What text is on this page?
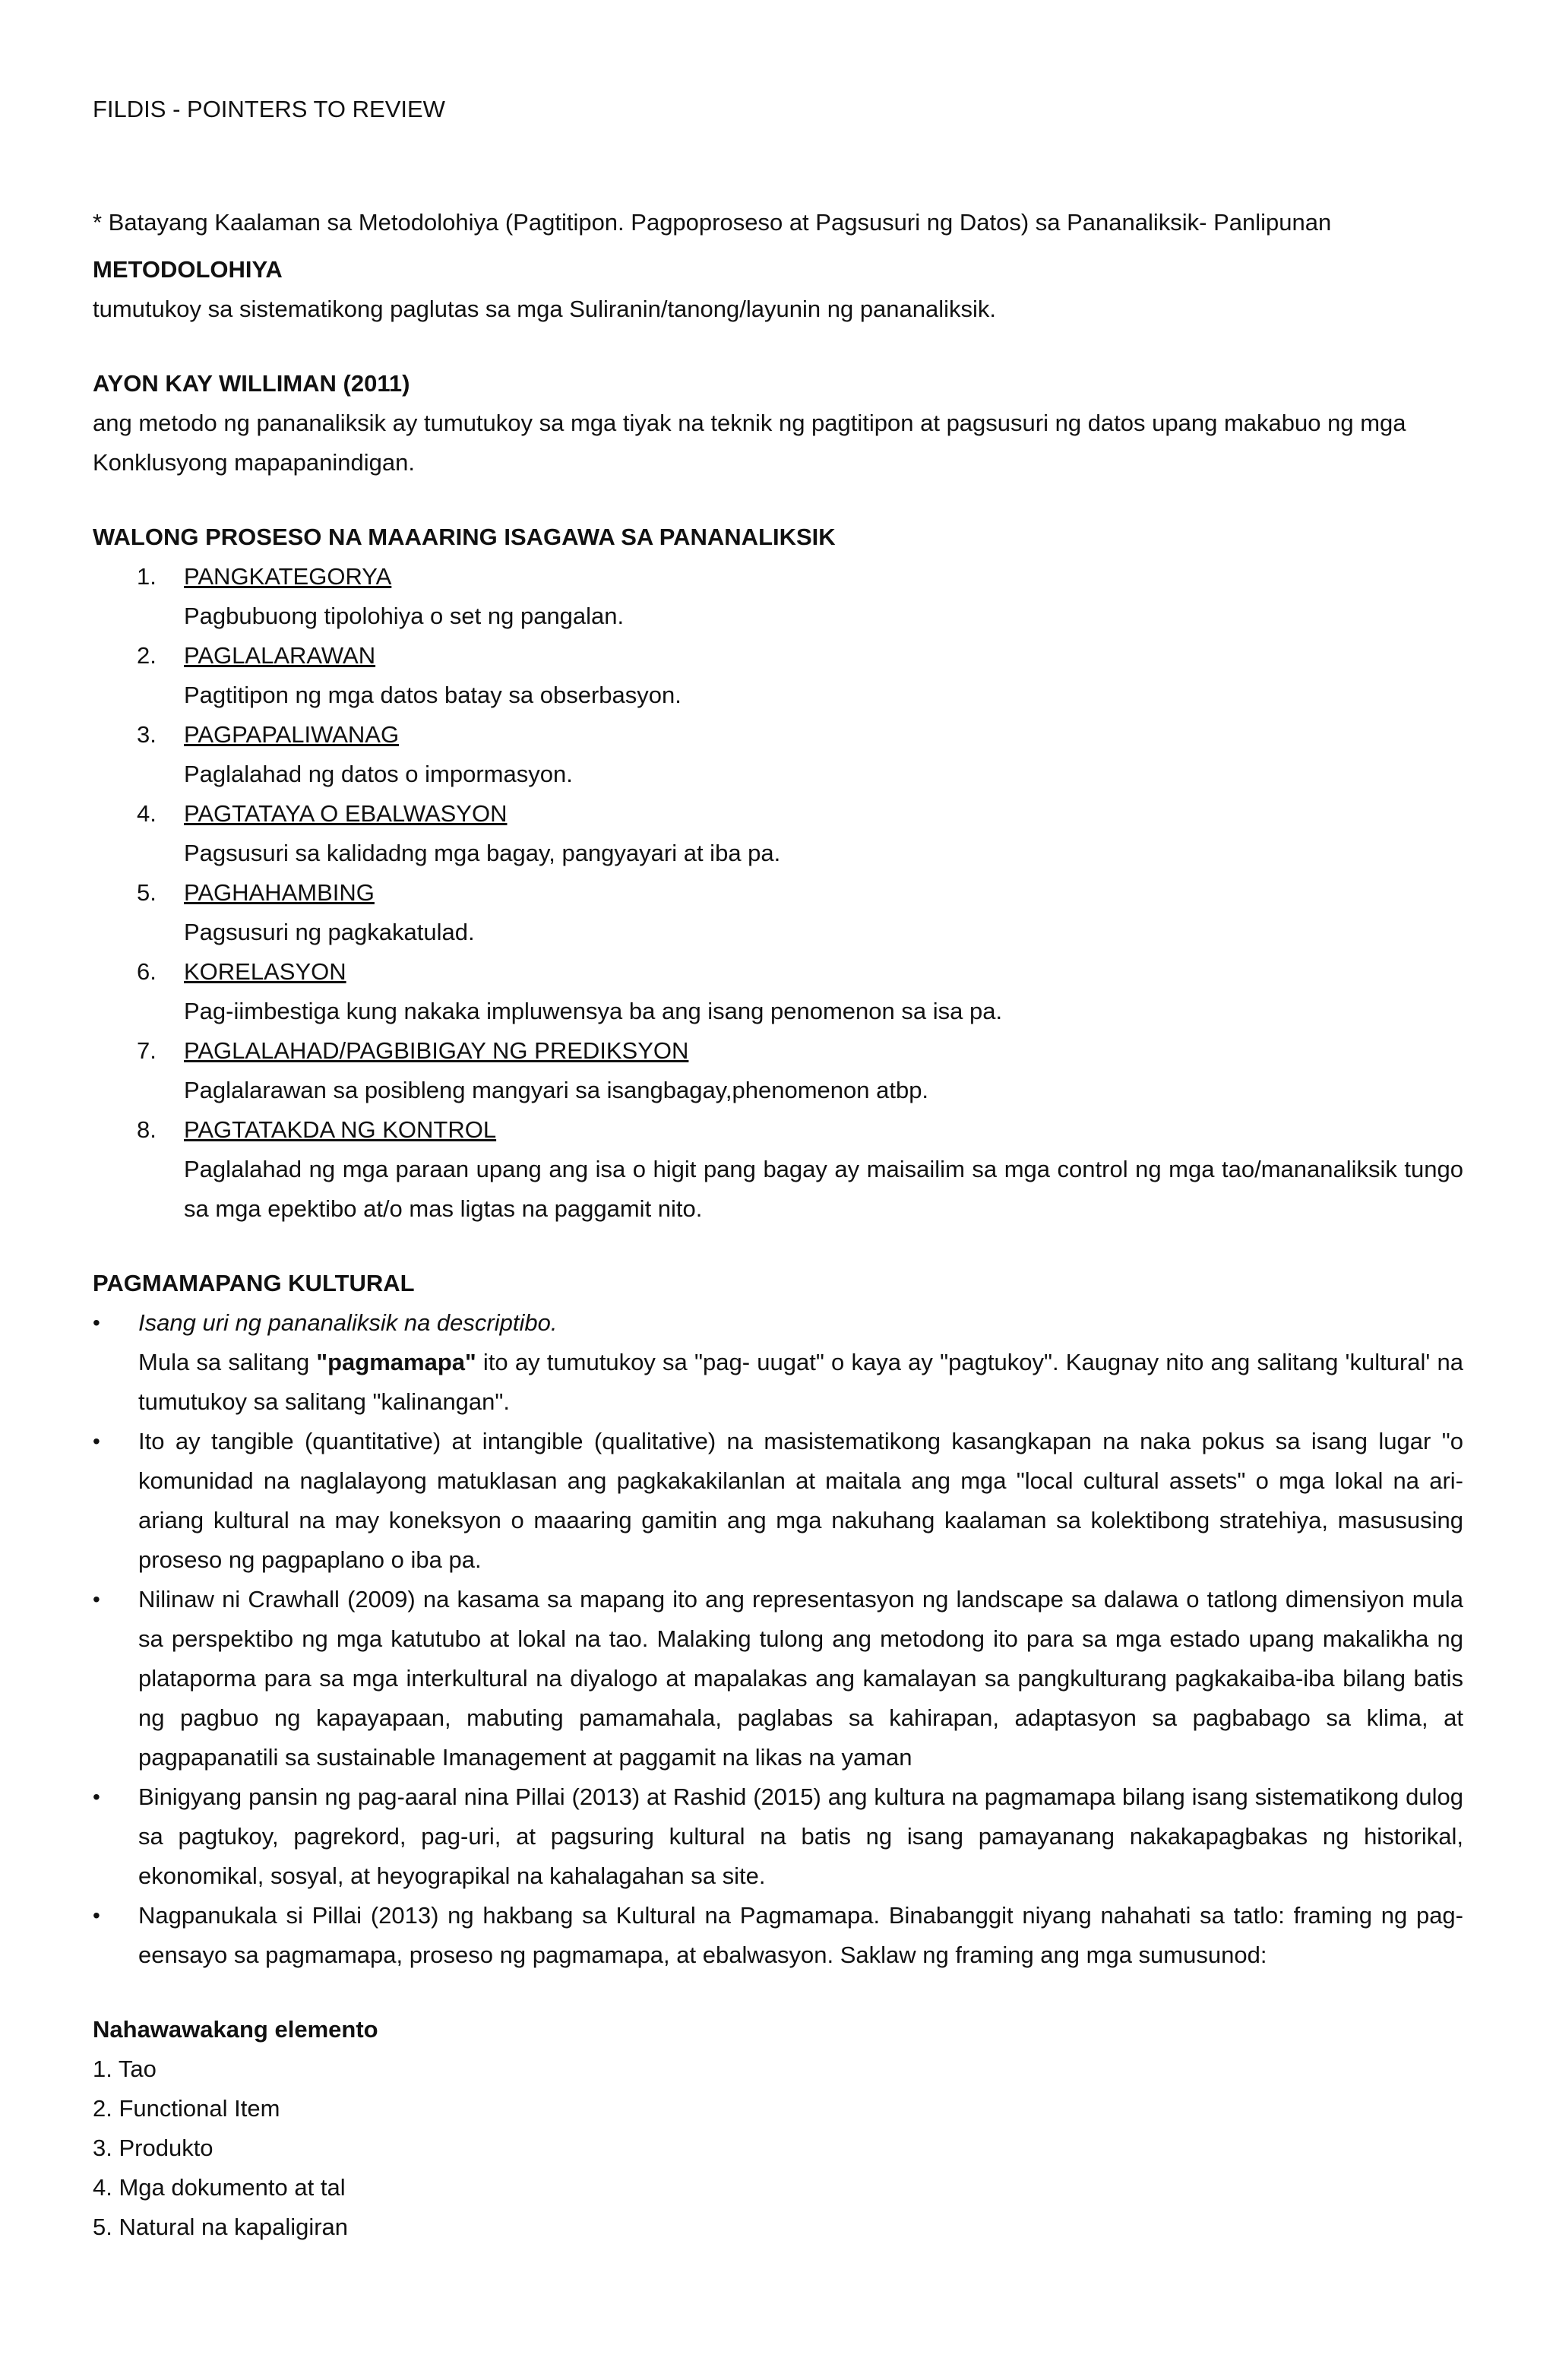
FILDIS - POINTERS TO REVIEW

* Batayang Kaalaman sa Metodolohiya (Pagtitipon. Pagpoproseso at Pagsusuri ng Datos) sa Pananaliksik- Panlipunan

METODOLOHIYA

tumutukoy sa sistematikong paglutas sa mga Suliranin/tanong/layunin ng pananaliksik.

AYON KAY WILLIMAN (2011)

ang metodo ng pananaliksik ay tumutukoy sa mga tiyak na teknik ng pagtitipon at pagsusuri ng datos upang makabuo ng mga Konklusyong mapapanindigan.

WALONG PROSESO NA MAAARING ISAGAWA SA PANANALIKSIK

1. PANGKATEGORYA
Pagbubuong tipolohiya o set ng pangalan.
2. PAGLALARAWAN
Pagtitipon ng mga datos batay sa obserbasyon.
3. PAGPAPALIWANAG
Paglalahad ng datos o impormasyon.
4. PAGTATAYA O EBALWASYON
Pagsusuri sa kalidadng mga bagay, pangyayari at iba pa.
5. PAGHAHAMBING
Pagsusuri ng pagkakatulad.
6. KORELASYON
Pag-iimbestiga kung nakaka impluwensya ba ang isang penomenon sa isa pa.
7. PAGLALAHAD/PAGBIBIGAY NG PREDIKSYON
Paglalarawan sa posibleng mangyari sa isangbagay,phenomenon atbp.
8. PAGTATAKDA NG KONTROL
Paglalahad ng mga paraan upang ang isa o higit pang bagay ay maisailim sa mga control ng mga tao/mananaliksik tungo sa mga epektibo at/o mas ligtas na paggamit nito.

PAGMAMAPANG KULTURAL

• Isang uri ng pananaliksik na descriptibo.
Mula sa salitang "pagmamapa" ito ay tumutukoy sa "pag- uugat" o kaya ay "pagtukoy". Kaugnay nito ang salitang 'kultural' na tumutukoy sa salitang "kalinangan".
• Ito ay tangible (quantitative) at intangible (qualitative) na masistematikong kasangkapan na naka pokus sa isang lugar "o komunidad na naglalayong matuklasan ang pagkakakilanlan at maitala ang mga "local cultural assets" o mga lokal na ari- ariang kultural na may koneksyon o maaaring gamitin ang mga nakuhang kaalaman sa kolektibong stratehiya, masususing proseso ng pagpaplano o iba pa.
• Nilinaw ni Crawhall (2009) na kasama sa mapang ito ang representasyon ng landscape sa dalawa o tatlong dimensiyon mula sa perspektibo ng mga katutubo at lokal na tao. Malaking tulong ang metodong ito para sa mga estado upang makalikha ng plataporma para sa mga interkultural na diyalogo at mapalakas ang kamalayan sa pangkulturang pagkakaiba-iba bilang batis ng pagbuo ng kapayapaan, mabuting pamamahala, paglabas sa kahirapan, adaptasyon sa pagbabago sa klima, at pagpapanatili sa sustainable Imanagement at paggamit na likas na yaman
• Binigyang pansin ng pag-aaral nina Pillai (2013) at Rashid (2015) ang kultura na pagmamapa bilang isang sistematikong dulog sa pagtukoy, pagrekord, pag-uri, at pagsuring kultural na batis ng isang pamayanang nakakapagbakas ng historikal, ekonomikal, sosyal, at heyograpikal na kahalagahan sa site.
• Nagpanukala si Pillai (2013) ng hakbang sa Kultural na Pagmamapa. Binabanggit niyang nahahati sa tatlo: framing ng pag-eensayo sa pagmamapa, proseso ng pagmamapa, at ebalwasyon. Saklaw ng framing ang mga sumusunod:

Nahawawakang elemento

1. Tao

2. Functional Item

3. Produkto

4. Mga dokumento at tal

5. Natural na kapaligiran
